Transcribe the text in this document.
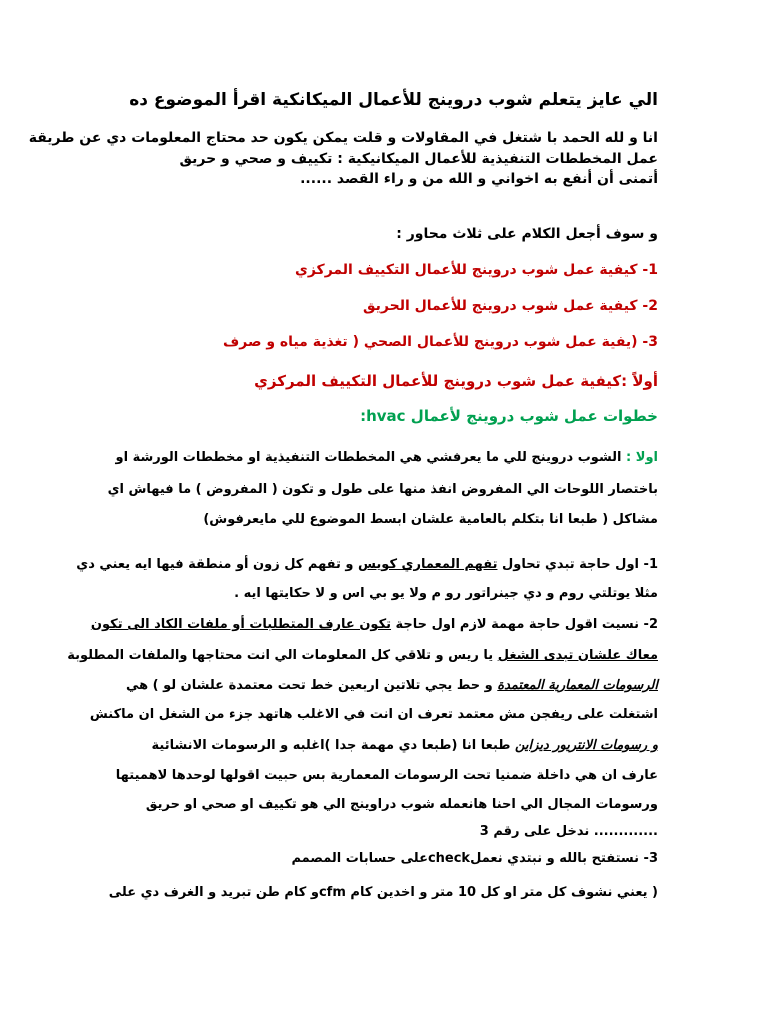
الي عايز يتعلم شوب دروينج للأعمال الميكانكية اقرأ الموضوع ده
انا و لله الحمد با شتغل في المقاولات و قلت يمكن يكون حد محتاج المعلومات دي عن طريقة
عمل المخططات التنفيذية للأعمال الميكانيكية : تكييف و صحي و حريق
أتمنى أن أنفع به اخواني و الله من و راء القصد ......
و سوف أجعل الكلام على ثلاث محاور :
1- كيفية عمل شوب دروينج للأعمال التكييف المركزي
2- كيفية عمل شوب دروينج للأعمال الحريق
3- (يفية عمل شوب دروينج للأعمال الصحي ( تغذية مياه و صرف
أولاً :كيفية عمل شوب دروينج للأعمال التكييف المركزي
خطوات عمل شوب دروينج لأعمال hvac:
اولا : الشوب دروينج للي ما يعرفشي هي المخططات التنفيذية او مخططات الورشة او
باختصار اللوحات الي المفروض انفذ منها على طول و تكون ( المفروض ) ما فيهاش اي
مشاكل ( طبعا انا بتكلم بالعامية علشان ابسط الموضوع للي مايعرفوش)
1- اول حاجة تبدي تحاول تفهم المعماري كويس و تفهم كل زون أو منطقة فيها ايه يعني دي
مثلا يوتلتي روم و دي جينراتور رو م ولا يو بي اس و لا حكايتها ايه .
2- نسيت اقول حاجة مهمة لازم اول حاجة تكون عارف المتطلبات أو ملفات الكاد الى تكون
معاك علشان تبدى الشغل يا ريس و تلاقي كل المعلومات الي انت محتاجها والملفات المطلوبة
الرسومات المعمارية المعتمدة و حط يجي تلاتين اربعين خط تحت معتمدة علشان لو ) هي
اشتغلت على ريفجن مش معتمد تعرف ان انت في الاغلب هاتهد جزء من الشغل ان ماكنش
و رسومات الانتريور ديزاين طبعا انا (طبعا دي مهمة جدا )اغلبه و الرسومات الانشائية
عارف ان هي داخلة ضمنيا تحت الرسومات المعمارية بس حبيت اقولها لوحدها لاهميتها
ورسومات المجال الي احنا هانعمله شوب دراوينج الي هو تكييف او صحي او حريق
............. ندخل على رقم 3
3- نستفتح بالله و نبتدي نعملcheckعلى حسابات المصمم
( يعني نشوف كل متر او كل 10 متر و اخدين كام cfmو كام طن تبريد و الغرف دي على
